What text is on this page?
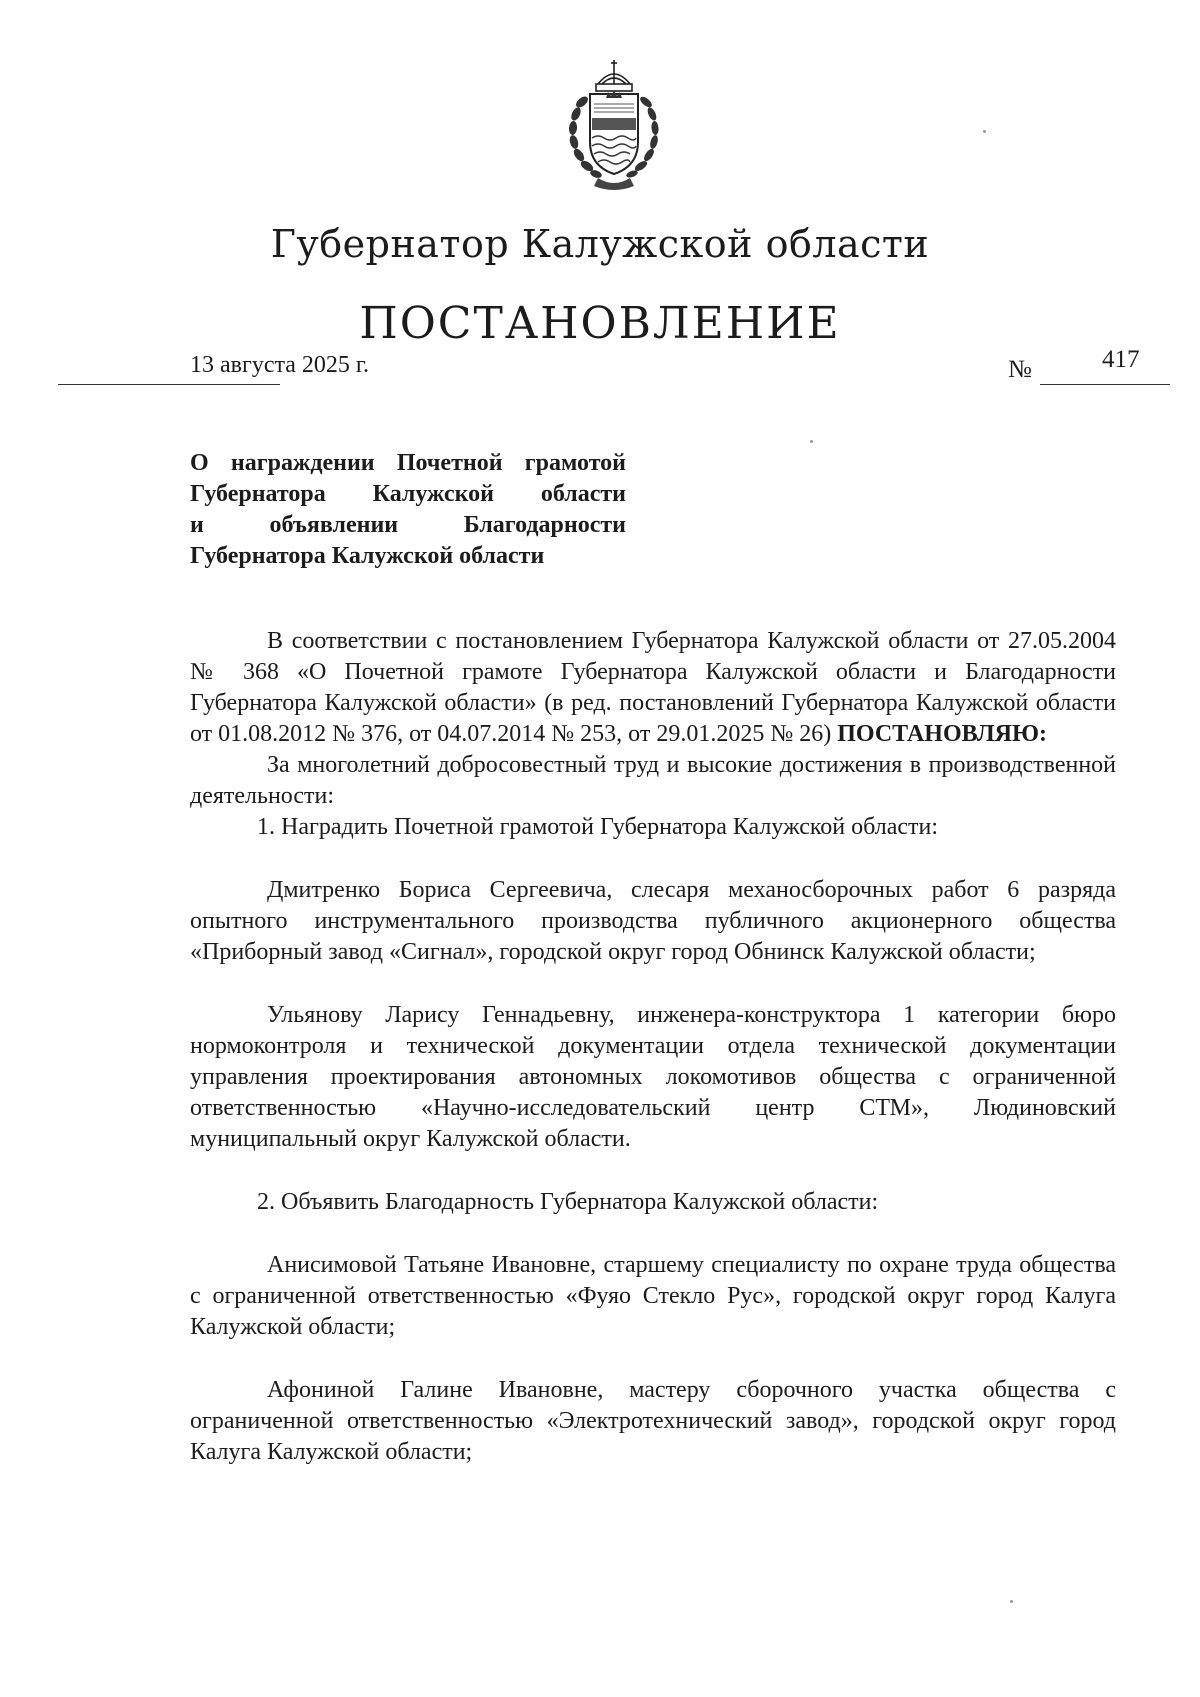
Губернатор Калужской области
ПОСТАНОВЛЕНИЕ
13 августа 2025 г.	№	417
О награждении Почетной грамотой
Губернатора Калужской области
и объявлении Благодарности
Губернатора Калужской области

В соответствии с постановлением Губернатора Калужской области от 27.05.2004 № 368 «О Почетной грамоте Губернатора Калужской области и Благодарности Губернатора Калужской области» (в ред. постановлений Губернатора Калужской области от 01.08.2012 № 376, от 04.07.2014 № 253, от 29.01.2025 № 26) ПОСТАНОВЛЯЮ:

За многолетний добросовестный труд и высокие достижения в производственной деятельности:

1. Наградить Почетной грамотой Губернатора Калужской области:

Дмитренко Бориса Сергеевича, слесаря механосборочных работ 6 разряда опытного инструментального производства публичного акционерного общества «Приборный завод «Сигнал», городской округ город Обнинск Калужской области;

Ульянову Ларису Геннадьевну, инженера-конструктора 1 категории бюро нормоконтроля и технической документации отдела технической документации управления проектирования автономных локомотивов общества с ограниченной ответственностью «Научно-исследовательский центр СТМ», Людиновский муниципальный округ Калужской области.

2. Объявить Благодарность Губернатора Калужской области:

Анисимовой Татьяне Ивановне, старшему специалисту по охране труда общества с ограниченной ответственностью «Фуяо Стекло Рус», городской округ город Калуга Калужской области;

Афониной Галине Ивановне, мастеру сборочного участка общества с ограниченной ответственностью «Электротехнический завод», городской округ город Калуга Калужской области;
